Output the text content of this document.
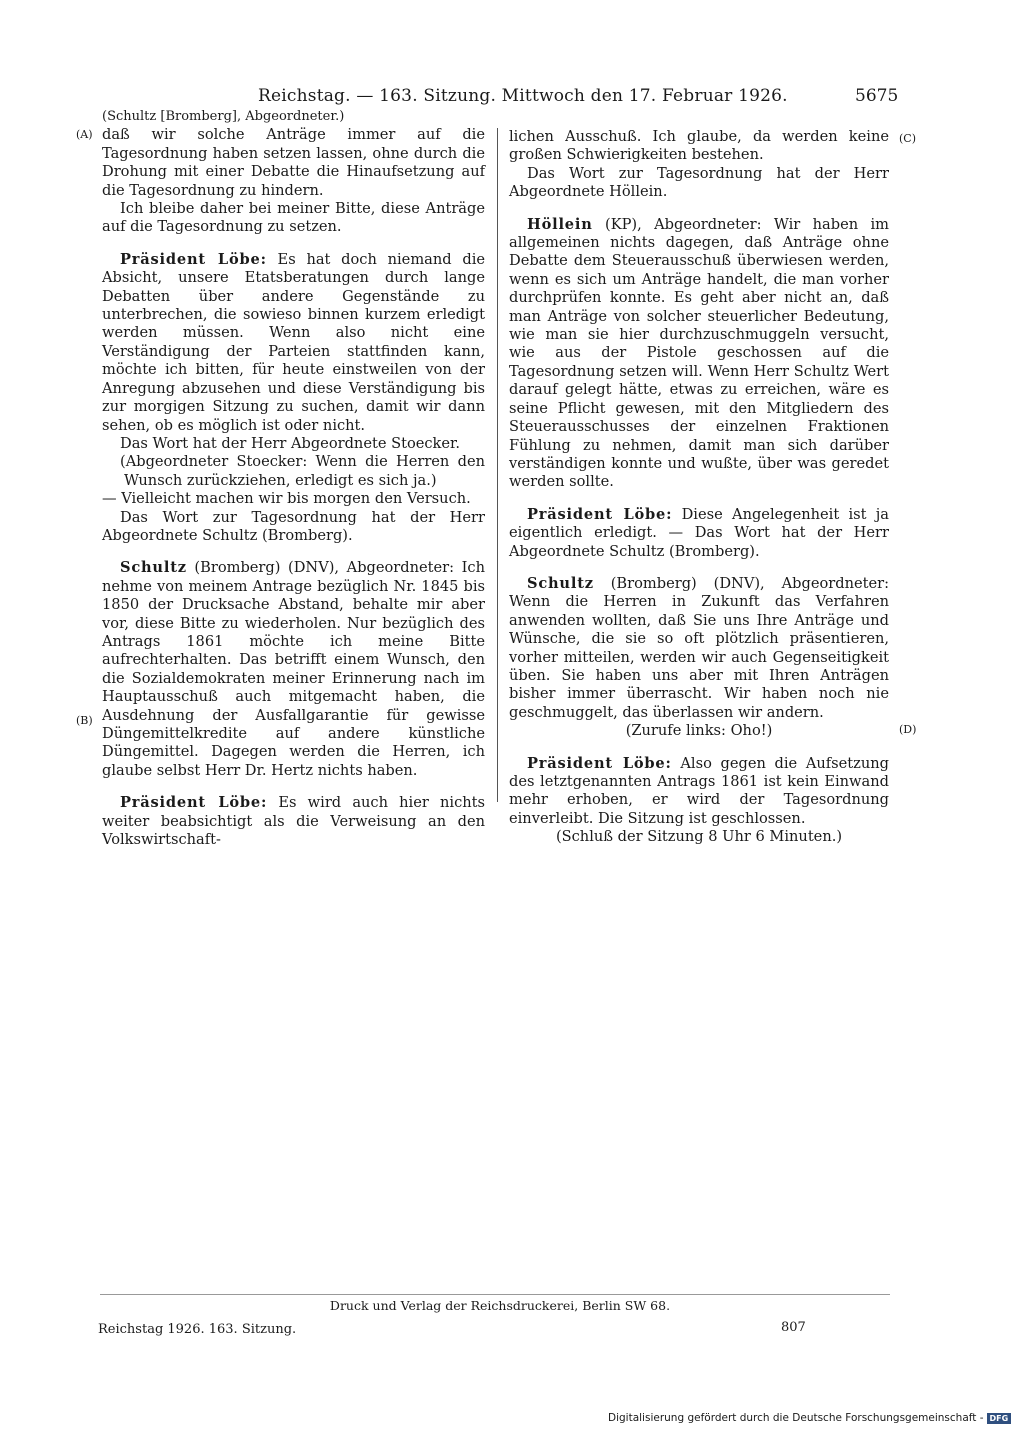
Reichstag. — 163. Sitzung. Mittwoch den 17. Februar 1926.	5675
(A)
(B)
(C)
(D)

(Schultz [Bromberg], Abgeordneter.)

daß wir solche Anträge immer auf die Tagesordnung haben setzen lassen, ohne durch die Drohung mit einer Debatte die Hinaufsetzung auf die Tagesordnung zu hindern.

Ich bleibe daher bei meiner Bitte, diese Anträge auf die Tagesordnung zu setzen.

Präsident Löbe: Es hat doch niemand die Absicht, unsere Etatsberatungen durch lange Debatten über andere Gegenstände zu unterbrechen, die sowieso binnen kurzem erledigt werden müssen. Wenn also nicht eine Verständigung der Parteien stattfinden kann, möchte ich bitten, für heute einstweilen von der Anregung abzusehen und diese Verständigung bis zur morgigen Sitzung zu suchen, damit wir dann sehen, ob es möglich ist oder nicht.

Das Wort hat der Herr Abgeordnete Stoecker.

(Abgeordneter Stoecker: Wenn die Herren den Wunsch zurückziehen, erledigt es sich ja.)

— Vielleicht machen wir bis morgen den Versuch.

Das Wort zur Tagesordnung hat der Herr Abgeordnete Schultz (Bromberg).

Schultz (Bromberg) (DNV), Abgeordneter: Ich nehme von meinem Antrage bezüglich Nr. 1845 bis 1850 der Drucksache Abstand, behalte mir aber vor, diese Bitte zu wiederholen. Nur bezüglich des Antrags 1861 möchte ich meine Bitte aufrechterhalten. Das betrifft einem Wunsch, den die Sozialdemokraten meiner Erinnerung nach im Hauptausschuß auch mitgemacht haben, die Ausdehnung der Ausfallgarantie für gewisse Düngemittelkredite auf andere künstliche Düngemittel. Dagegen werden die Herren, ich glaube selbst Herr Dr. Hertz nichts haben.

Präsident Löbe: Es wird auch hier nichts weiter beabsichtigt als die Verweisung an den Volkswirtschaft-

lichen Ausschuß. Ich glaube, da werden keine großen Schwierigkeiten bestehen.

Das Wort zur Tagesordnung hat der Herr Abgeordnete Höllein.

Höllein (KP), Abgeordneter: Wir haben im allgemeinen nichts dagegen, daß Anträge ohne Debatte dem Steuerausschuß überwiesen werden, wenn es sich um Anträge handelt, die man vorher durchprüfen konnte. Es geht aber nicht an, daß man Anträge von solcher steuerlicher Bedeutung, wie man sie hier durchzuschmuggeln versucht, wie aus der Pistole geschossen auf die Tagesordnung setzen will. Wenn Herr Schultz Wert darauf gelegt hätte, etwas zu erreichen, wäre es seine Pflicht gewesen, mit den Mitgliedern des Steuerausschusses der einzelnen Fraktionen Fühlung zu nehmen, damit man sich darüber verständigen konnte und wußte, über was geredet werden sollte.

Präsident Löbe: Diese Angelegenheit ist ja eigentlich erledigt. — Das Wort hat der Herr Abgeordnete Schultz (Bromberg).

Schultz (Bromberg) (DNV), Abgeordneter: Wenn die Herren in Zukunft das Verfahren anwenden wollten, daß Sie uns Ihre Anträge und Wünsche, die sie so oft plötzlich präsentieren, vorher mitteilen, werden wir auch Gegenseitigkeit üben. Sie haben uns aber mit Ihren Anträgen bisher immer überrascht. Wir haben noch nie geschmuggelt, das überlassen wir andern.

(Zurufe links: Oho!)

Präsident Löbe: Also gegen die Aufsetzung des letztgenannten Antrags 1861 ist kein Einwand mehr erhoben, er wird der Tagesordnung einverleibt. Die Sitzung ist geschlossen.

(Schluß der Sitzung 8 Uhr 6 Minuten.)

Druck und Verlag der Reichsdruckerei, Berlin SW 68.
Reichstag 1926. 163. Sitzung.	807
Digitalisierung gefördert durch die Deutsche Forschungsgemeinschaft - DFG
